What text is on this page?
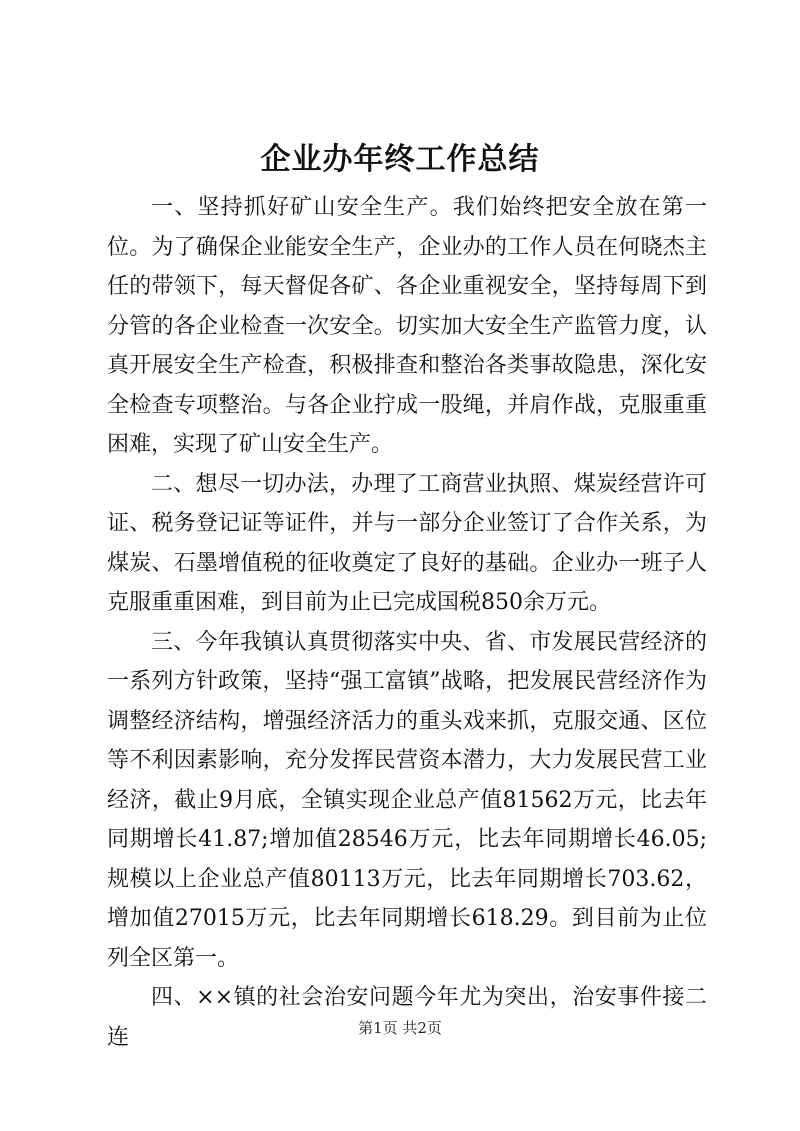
企业办年终工作总结

一、坚持抓好矿山安全生产。我们始终把安全放在第一位。为了确保企业能安全生产，企业办的工作人员在何晓杰主任的带领下，每天督促各矿、各企业重视安全，坚持每周下到分管的各企业检查一次安全。切实加大安全生产监管力度，认真开展安全生产检查，积极排查和整治各类事故隐患，深化安全检查专项整治。与各企业拧成一股绳，并肩作战，克服重重困难，实现了矿山安全生产。

二、想尽一切办法，办理了工商营业执照、煤炭经营许可证、税务登记证等证件，并与一部分企业签订了合作关系，为煤炭、石墨增值税的征收奠定了良好的基础。企业办一班子人克服重重困难，到目前为止已完成国税850余万元。

三、今年我镇认真贯彻落实中央、省、市发展民营经济的一系列方针政策，坚持“强工富镇”战略，把发展民营经济作为调整经济结构，增强经济活力的重头戏来抓，克服交通、区位等不利因素影响，充分发挥民营资本潜力，大力发展民营工业经济，截止9月底，全镇实现企业总产值81562万元，比去年同期增长41.87;增加值28546万元，比去年同期增长46.05;规模以上企业总产值80113万元，比去年同期增长703.62，增加值27015万元，比去年同期增长618.29。到目前为止位列全区第一。

四、××镇的社会治安问题今年尤为突出，治安事件接二连	第1页 共2页
